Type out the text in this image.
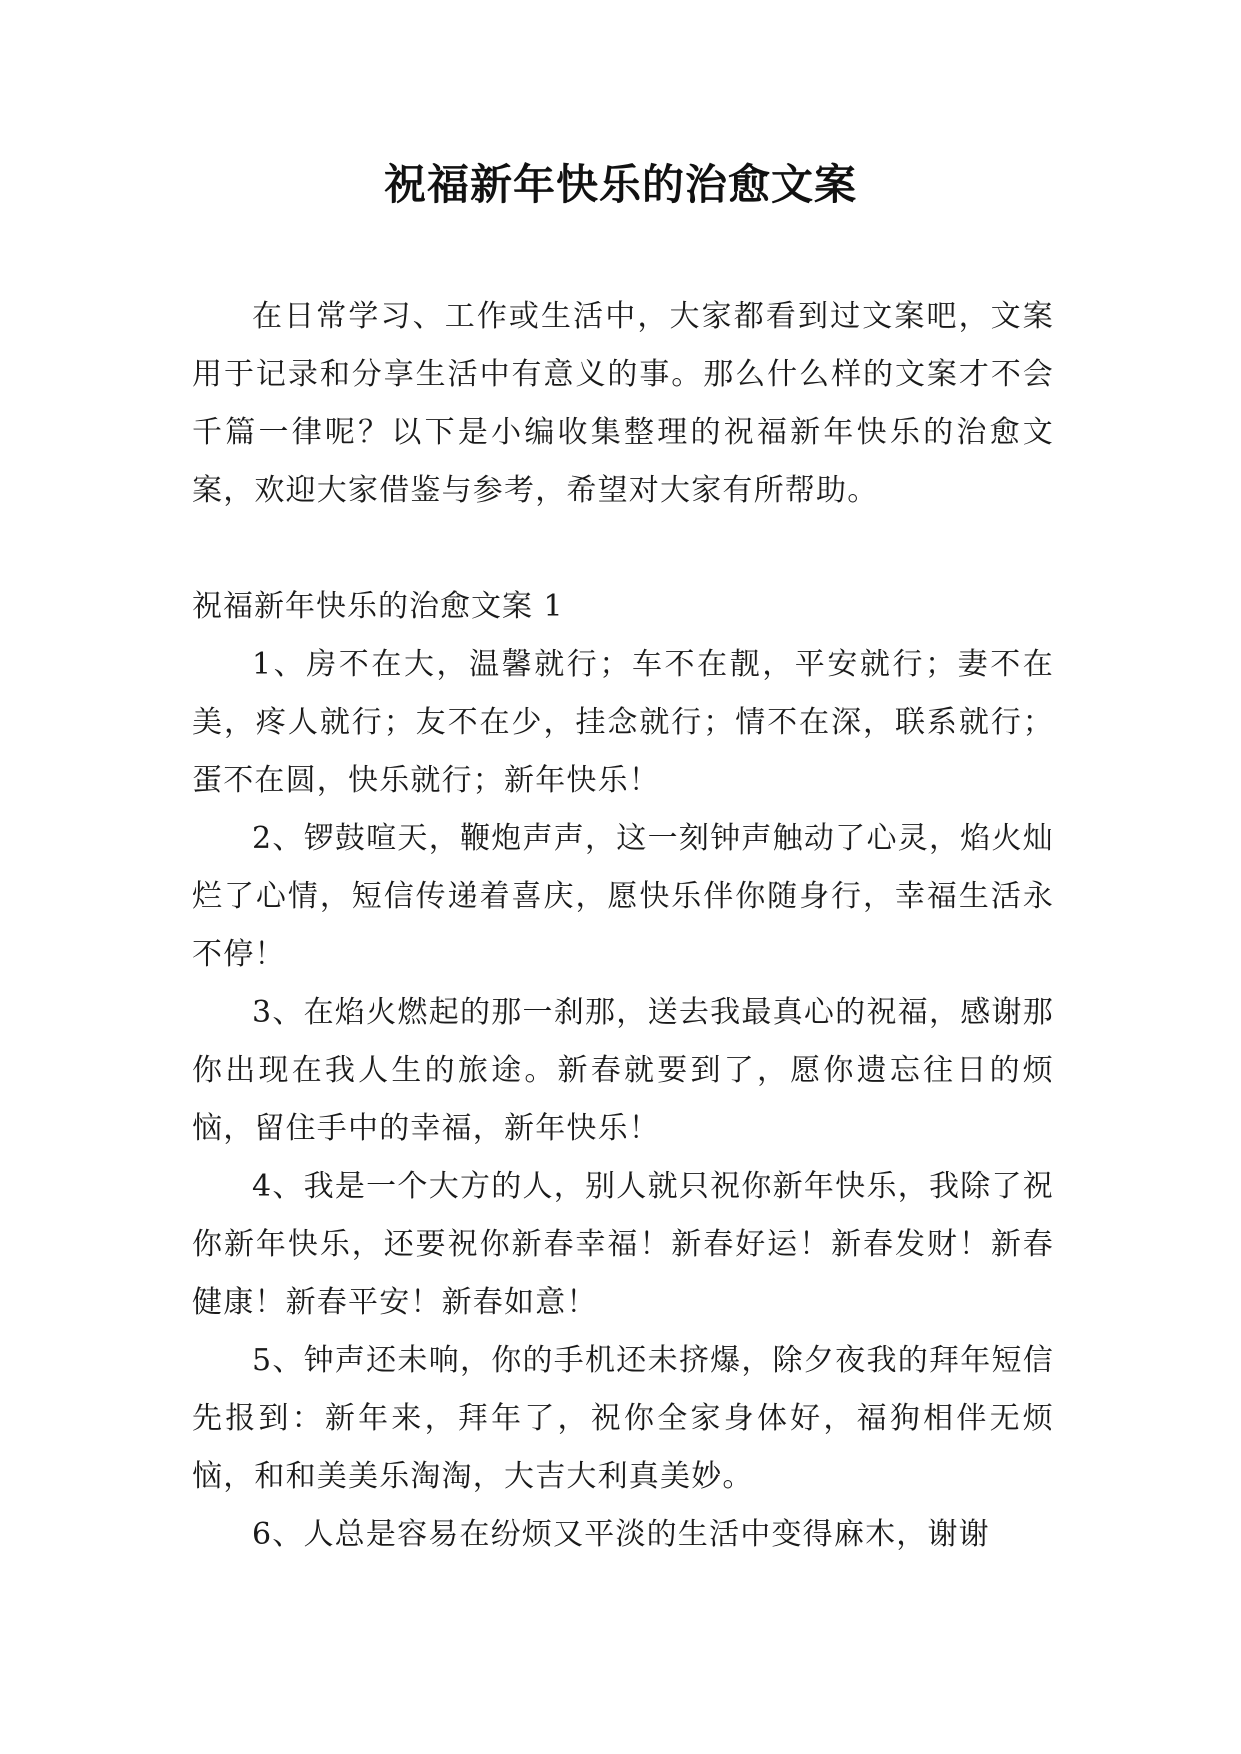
祝福新年快乐的治愈文案

在日常学习、工作或生活中，大家都看到过文案吧，文案用于记录和分享生活中有意义的事。那么什么样的文案才不会千篇一律呢？以下是小编收集整理的祝福新年快乐的治愈文案，欢迎大家借鉴与参考，希望对大家有所帮助。

祝福新年快乐的治愈文案 1

1、房不在大，温馨就行；车不在靓，平安就行；妻不在美，疼人就行；友不在少，挂念就行；情不在深，联系就行；蛋不在圆，快乐就行；新年快乐！

2、锣鼓喧天，鞭炮声声，这一刻钟声触动了心灵，焰火灿烂了心情，短信传递着喜庆，愿快乐伴你随身行，幸福生活永不停！

3、在焰火燃起的那一刹那，送去我最真心的祝福，感谢那你出现在我人生的旅途。新春就要到了，愿你遗忘往日的烦恼，留住手中的幸福，新年快乐！

4、我是一个大方的人，别人就只祝你新年快乐，我除了祝你新年快乐，还要祝你新春幸福！新春好运！新春发财！新春健康！新春平安！新春如意！

5、钟声还未响，你的手机还未挤爆，除夕夜我的拜年短信先报到：新年来，拜年了，祝你全家身体好，福狗相伴无烦恼，和和美美乐淘淘，大吉大利真美妙。

6、人总是容易在纷烦又平淡的生活中变得麻木，谢谢
